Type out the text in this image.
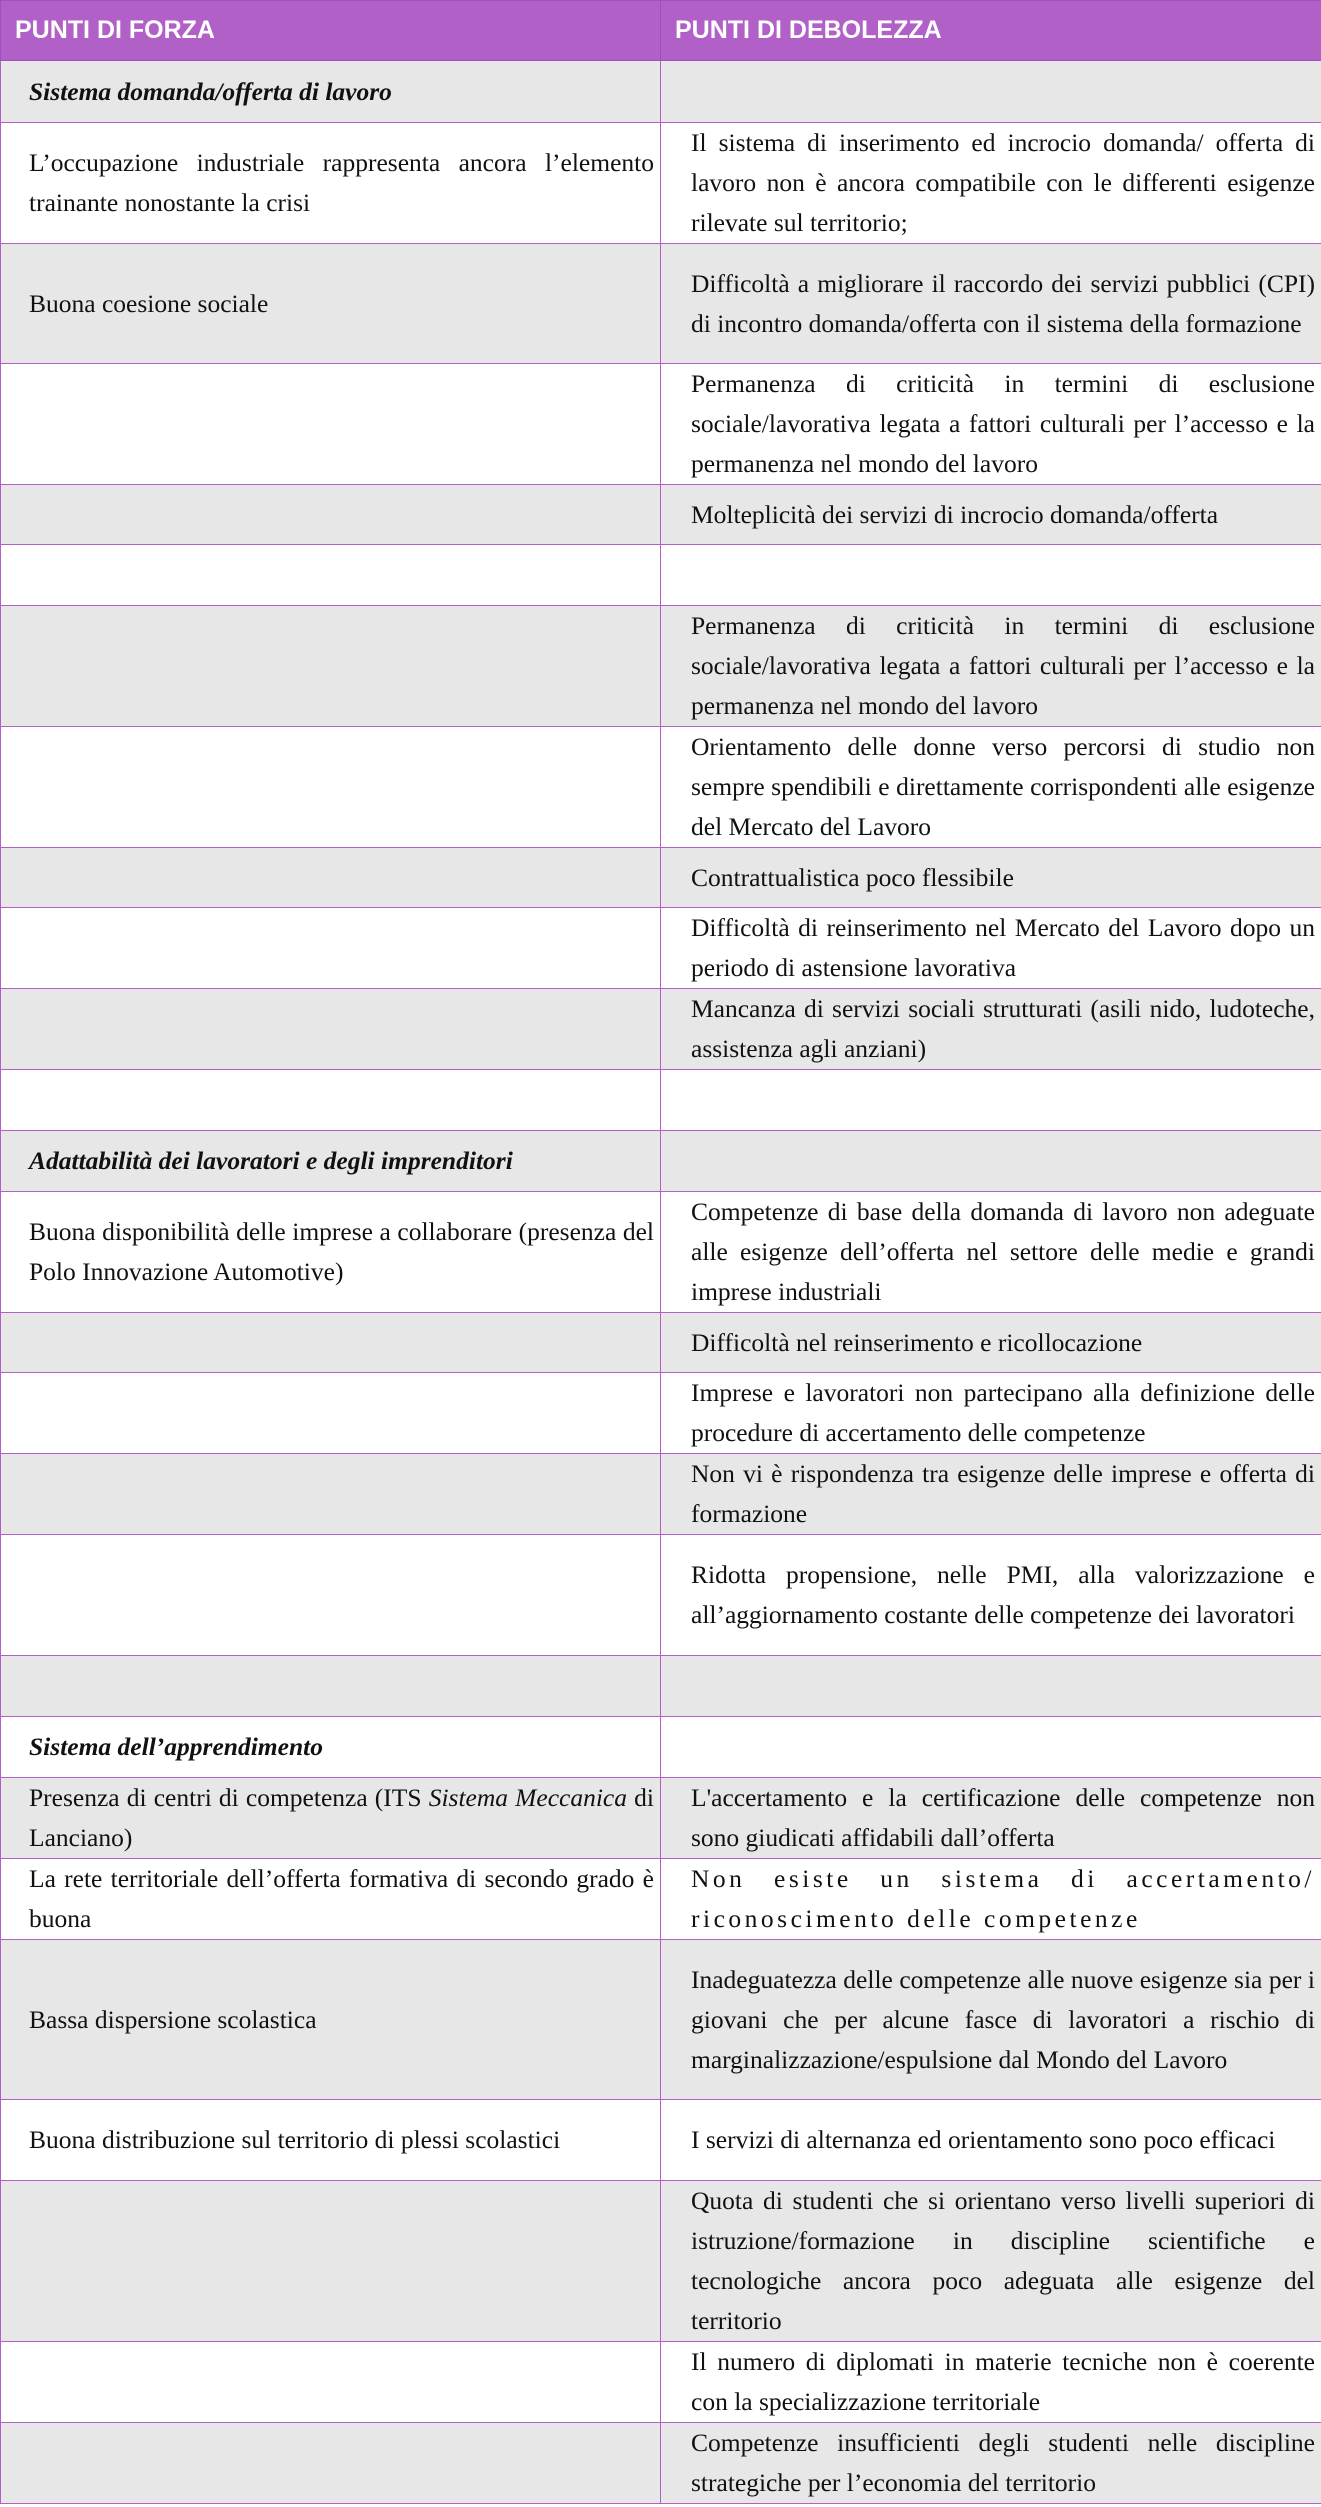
PUNTI DI FORZA	PUNTI DI DEBOLEZZA
Sistema domanda/offerta di lavoro	
L’occupazione industriale rappresenta ancora l’elemento trainante nonostante la crisi	Il sistema di inserimento ed incrocio domanda/ offerta di lavoro non è ancora compatibile con le differenti esigenze rilevate sul territorio;
Buona coesione sociale	Difficoltà a migliorare il raccordo dei servizi pubblici (CPI) di incontro domanda/offerta con il sistema della formazione
	Permanenza di criticità in termini di esclusione sociale/lavorativa legata a fattori culturali per l’accesso e la permanenza nel mondo del lavoro
	Molteplicità dei servizi di incrocio domanda/offerta

	Permanenza di criticità in termini di esclusione sociale/lavorativa legata a fattori culturali per l’accesso e la permanenza nel mondo del lavoro
	Orientamento delle donne verso percorsi di studio non sempre spendibili e direttamente corrispondenti alle esigenze del Mercato del Lavoro
	Contrattualistica poco flessibile
	Difficoltà di reinserimento nel Mercato del Lavoro dopo un periodo di astensione lavorativa
	Mancanza di servizi sociali strutturati (asili nido, ludoteche, assistenza agli anziani)

Adattabilità dei lavoratori e degli imprenditori	
Buona disponibilità delle imprese a collaborare (presenza del Polo Innovazione Automotive)	Competenze di base della domanda di lavoro non adeguate alle esigenze dell’offerta nel settore delle medie e grandi imprese industriali
	Difficoltà nel reinserimento e ricollocazione
	Imprese e lavoratori non partecipano alla definizione delle procedure di accertamento delle competenze
	Non vi è rispondenza tra esigenze delle imprese e offerta di formazione
	Ridotta propensione, nelle PMI, alla valorizzazione e all’aggiornamento costante delle competenze dei lavoratori

Sistema dell’apprendimento	
Presenza di centri di competenza (ITS Sistema Meccanica di Lanciano)	L'accertamento e la certificazione delle competenze non sono giudicati affidabili dall’offerta
La rete territoriale dell’offerta formativa di secondo grado è buona	Non esiste un sistema di accertamento/ riconoscimento delle competenze
Bassa dispersione scolastica	Inadeguatezza delle competenze alle nuove esigenze sia per i giovani che per alcune fasce di lavoratori a rischio di marginalizzazione/espulsione dal Mondo del Lavoro
Buona distribuzione sul territorio di plessi scolastici	I servizi di alternanza ed orientamento sono poco efficaci
	Quota di studenti che si orientano verso livelli superiori di istruzione/formazione in discipline scientifiche e tecnologiche ancora poco adeguata alle esigenze del territorio
	Il numero di diplomati in materie tecniche non è coerente con la specializzazione territoriale
	Competenze insufficienti degli studenti nelle discipline strategiche per l’economia del territorio
